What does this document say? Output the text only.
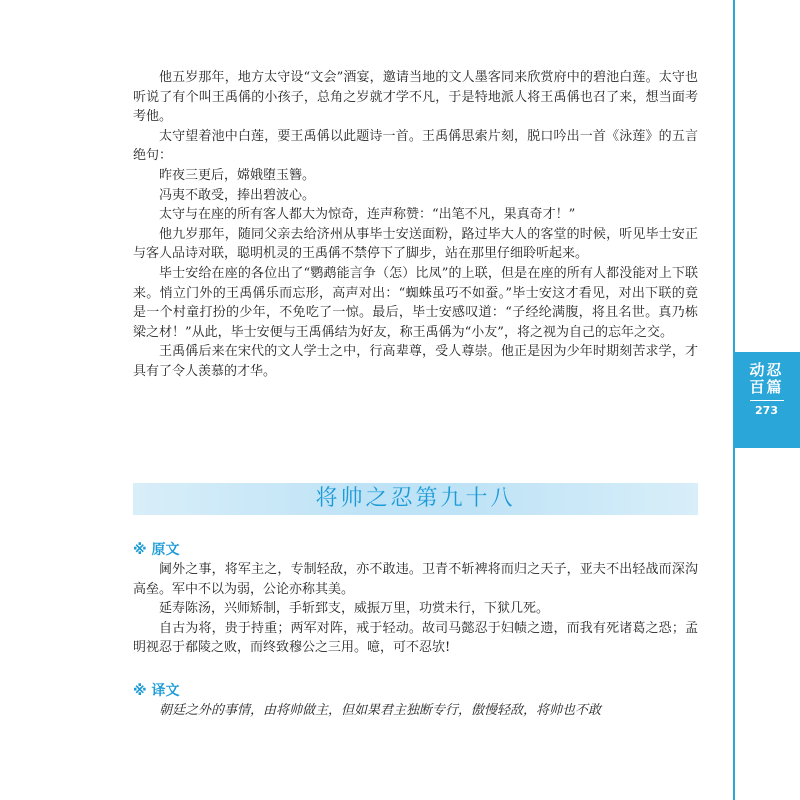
他五岁那年，地方太守设“文会”酒宴，邀请当地的文人墨客同来欣赏府中的碧池白莲。太守也听说了有个叫王禹偁的小孩子，总角之岁就才学不凡，于是特地派人将王禹偁也召了来，想当面考考他。

太守望着池中白莲，要王禹偁以此题诗一首。王禹偁思索片刻，脱口吟出一首《泳莲》的五言绝句：

昨夜三更后，嫦娥堕玉簪。

冯夷不敢受，捧出碧波心。

太守与在座的所有客人都大为惊奇，连声称赞：“出笔不凡，果真奇才！”

他九岁那年，随同父亲去给济州从事毕士安送面粉，路过毕大人的客堂的时候，听见毕士安正与客人品诗对联，聪明机灵的王禹偁不禁停下了脚步，站在那里仔细聆听起来。

毕士安给在座的各位出了“鹦鹉能言争（怎）比凤”的上联，但是在座的所有人都没能对上下联来。悄立门外的王禹偁乐而忘形，高声对出：“蜘蛛虽巧不如蚕。”毕士安这才看见，对出下联的竟是一个村童打扮的少年，不免吃了一惊。最后，毕士安感叹道：“子经纶满腹，将且名世。真乃栋梁之材！”从此，毕士安便与王禹偁结为好友，称王禹偁为“小友”，将之视为自己的忘年之交。

王禹偁后来在宋代的文人学士之中，行高辈尊，受人尊崇。他正是因为少年时期刻苦求学，才具有了令人羡慕的才华。

将帅之忍第九十八
※ 原文

阃外之事，将军主之，专制轻敌，亦不敢违。卫青不斩裨将而归之天子，亚夫不出轻战而深沟高垒。军中不以为弱，公论亦称其美。

延寿陈汤，兴师矫制，手斩郅支，威振万里，功赏未行，下狱几死。

自古为将，贵于持重；两军对阵，戒于轻动。故司马懿忍于妇帻之遗，而我有死诸葛之恐；孟明视忍于郩陵之败，而终致穆公之三用。噫，可不忍欤!

※ 译文

朝廷之外的事情，由将帅做主，但如果君主独断专行，傲慢轻敌，将帅也不敢

动忍
百篇
273
